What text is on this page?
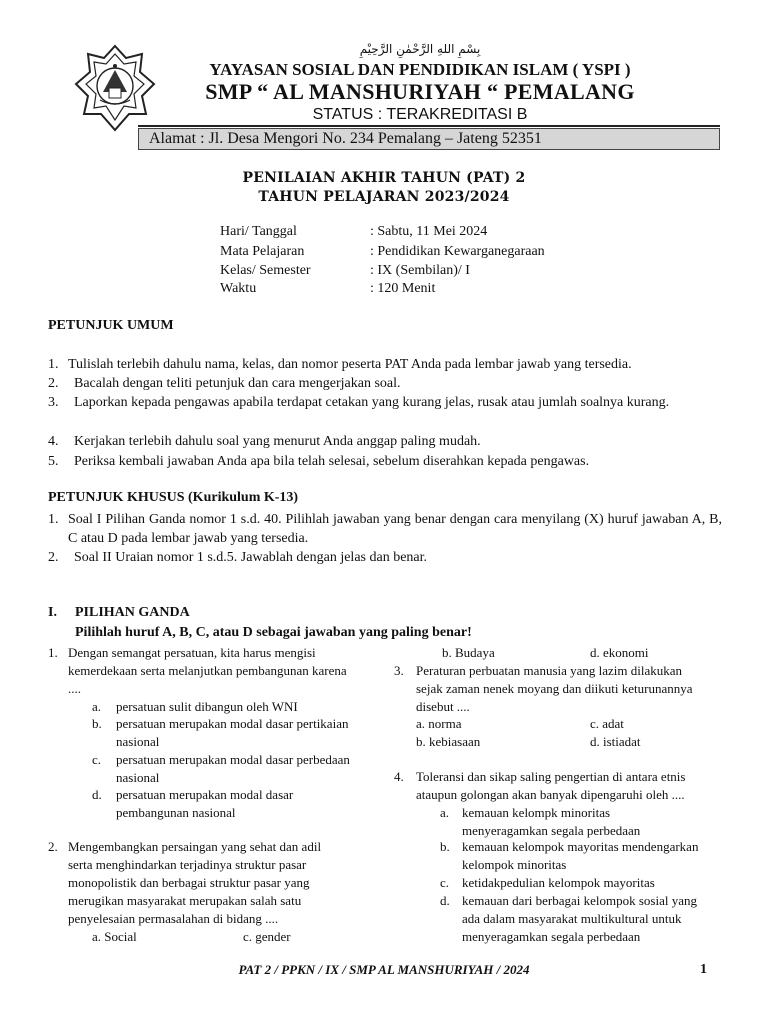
بِسْمِ اللهِ الرَّحْمٰنِ الرَّحِيْمِ
YAYASAN SOSIAL DAN PENDIDIKAN ISLAM ( YSPI )
SMP “ AL MANSHURIYAH “ PEMALANG
STATUS : TERAKREDITASI B
Alamat : Jl. Desa Mengori No. 234 Pemalang – Jateng 52351
PENILAIAN AKHIR TAHUN (PAT) 2
TAHUN PELAJARAN 2023/2024
Hari/ Tanggal	: Sabtu, 11 Mei 2024
Mata Pelajaran	: Pendidikan Kewarganegaraan
Kelas/ Semester	: IX (Sembilan)/ I
Waktu	: 120 Menit
PETUNJUK UMUM
1. Tulislah terlebih dahulu nama, kelas, dan nomor peserta PAT Anda pada lembar jawab yang tersedia.
2. Bacalah dengan teliti petunjuk dan cara mengerjakan soal.
3. Laporkan kepada pengawas apabila terdapat cetakan yang kurang jelas, rusak atau jumlah soalnya kurang.
4. Kerjakan terlebih dahulu soal yang menurut Anda anggap paling mudah.
5. Periksa kembali jawaban Anda apa bila telah selesai, sebelum diserahkan kepada pengawas.
PETUNJUK KHUSUS (Kurikulum K-13)
1. Soal I Pilihan Ganda nomor 1 s.d. 40. Pilihlah jawaban yang benar dengan cara menyilang (X) huruf jawaban A, B, C atau D pada lembar jawab yang tersedia.
2. Soal II Uraian nomor 1 s.d.5. Jawablah dengan jelas dan benar.
I. PILIHAN GANDA
Pilihlah huruf A, B, C, atau D sebagai jawaban yang paling benar!
1. Dengan semangat persatuan, kita harus mengisi
kemerdekaan serta melanjutkan pembangunan karena
....
a. persatuan sulit dibangun oleh WNI
b. persatuan merupakan modal dasar pertikaian
nasional
c. persatuan merupakan modal dasar perbedaan
nasional
d. persatuan merupakan modal dasar
pembangunan nasional
2. Mengembangkan persaingan yang sehat dan adil
serta menghindarkan terjadinya struktur pasar
monopolistik dan berbagai struktur pasar yang
merugikan masyarakat merupakan salah satu
penyelesaian permasalahan di bidang ....
a. Social	c. gender
b. Budaya	d. ekonomi
3. Peraturan perbuatan manusia yang lazim dilakukan
sejak zaman nenek moyang dan diikuti keturunannya
disebut ....
a. norma	c. adat
b. kebiasaan	d. istiadat
4. Toleransi dan sikap saling pengertian di antara etnis
ataupun golongan akan banyak dipengaruhi oleh ....
a. kemauan kelompk minoritas
menyeragamkan segala perbedaan
b. kemauan kelompok mayoritas mendengarkan
kelompok minoritas
c. ketidakpedulian kelompok mayoritas
d. kemauan dari berbagai kelompok sosial yang
ada dalam masyarakat multikultural untuk
menyeragamkan segala perbedaan
PAT 2 / PPKN / IX / SMP AL MANSHURIYAH / 2024	1
